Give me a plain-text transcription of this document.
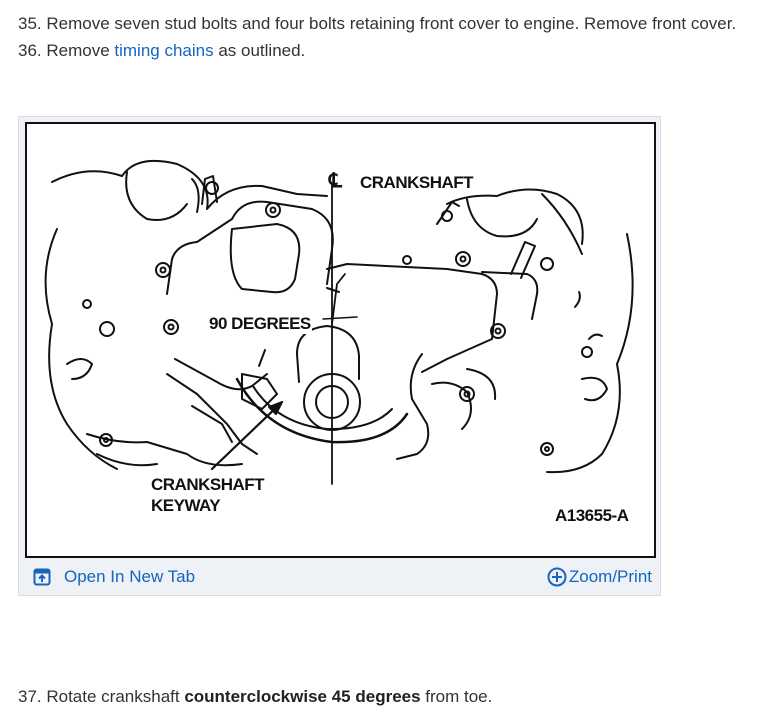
35. Remove seven stud bolts and four bolts retaining front cover to engine. Remove front cover.
36. Remove timing chains as outlined.
℄ CRANKSHAFT
90 DEGREES
CRANKSHAFT
KEYWAY
A13655-A
Open In New Tab	Zoom/Print
37. Rotate crankshaft counterclockwise 45 degrees from toe.
